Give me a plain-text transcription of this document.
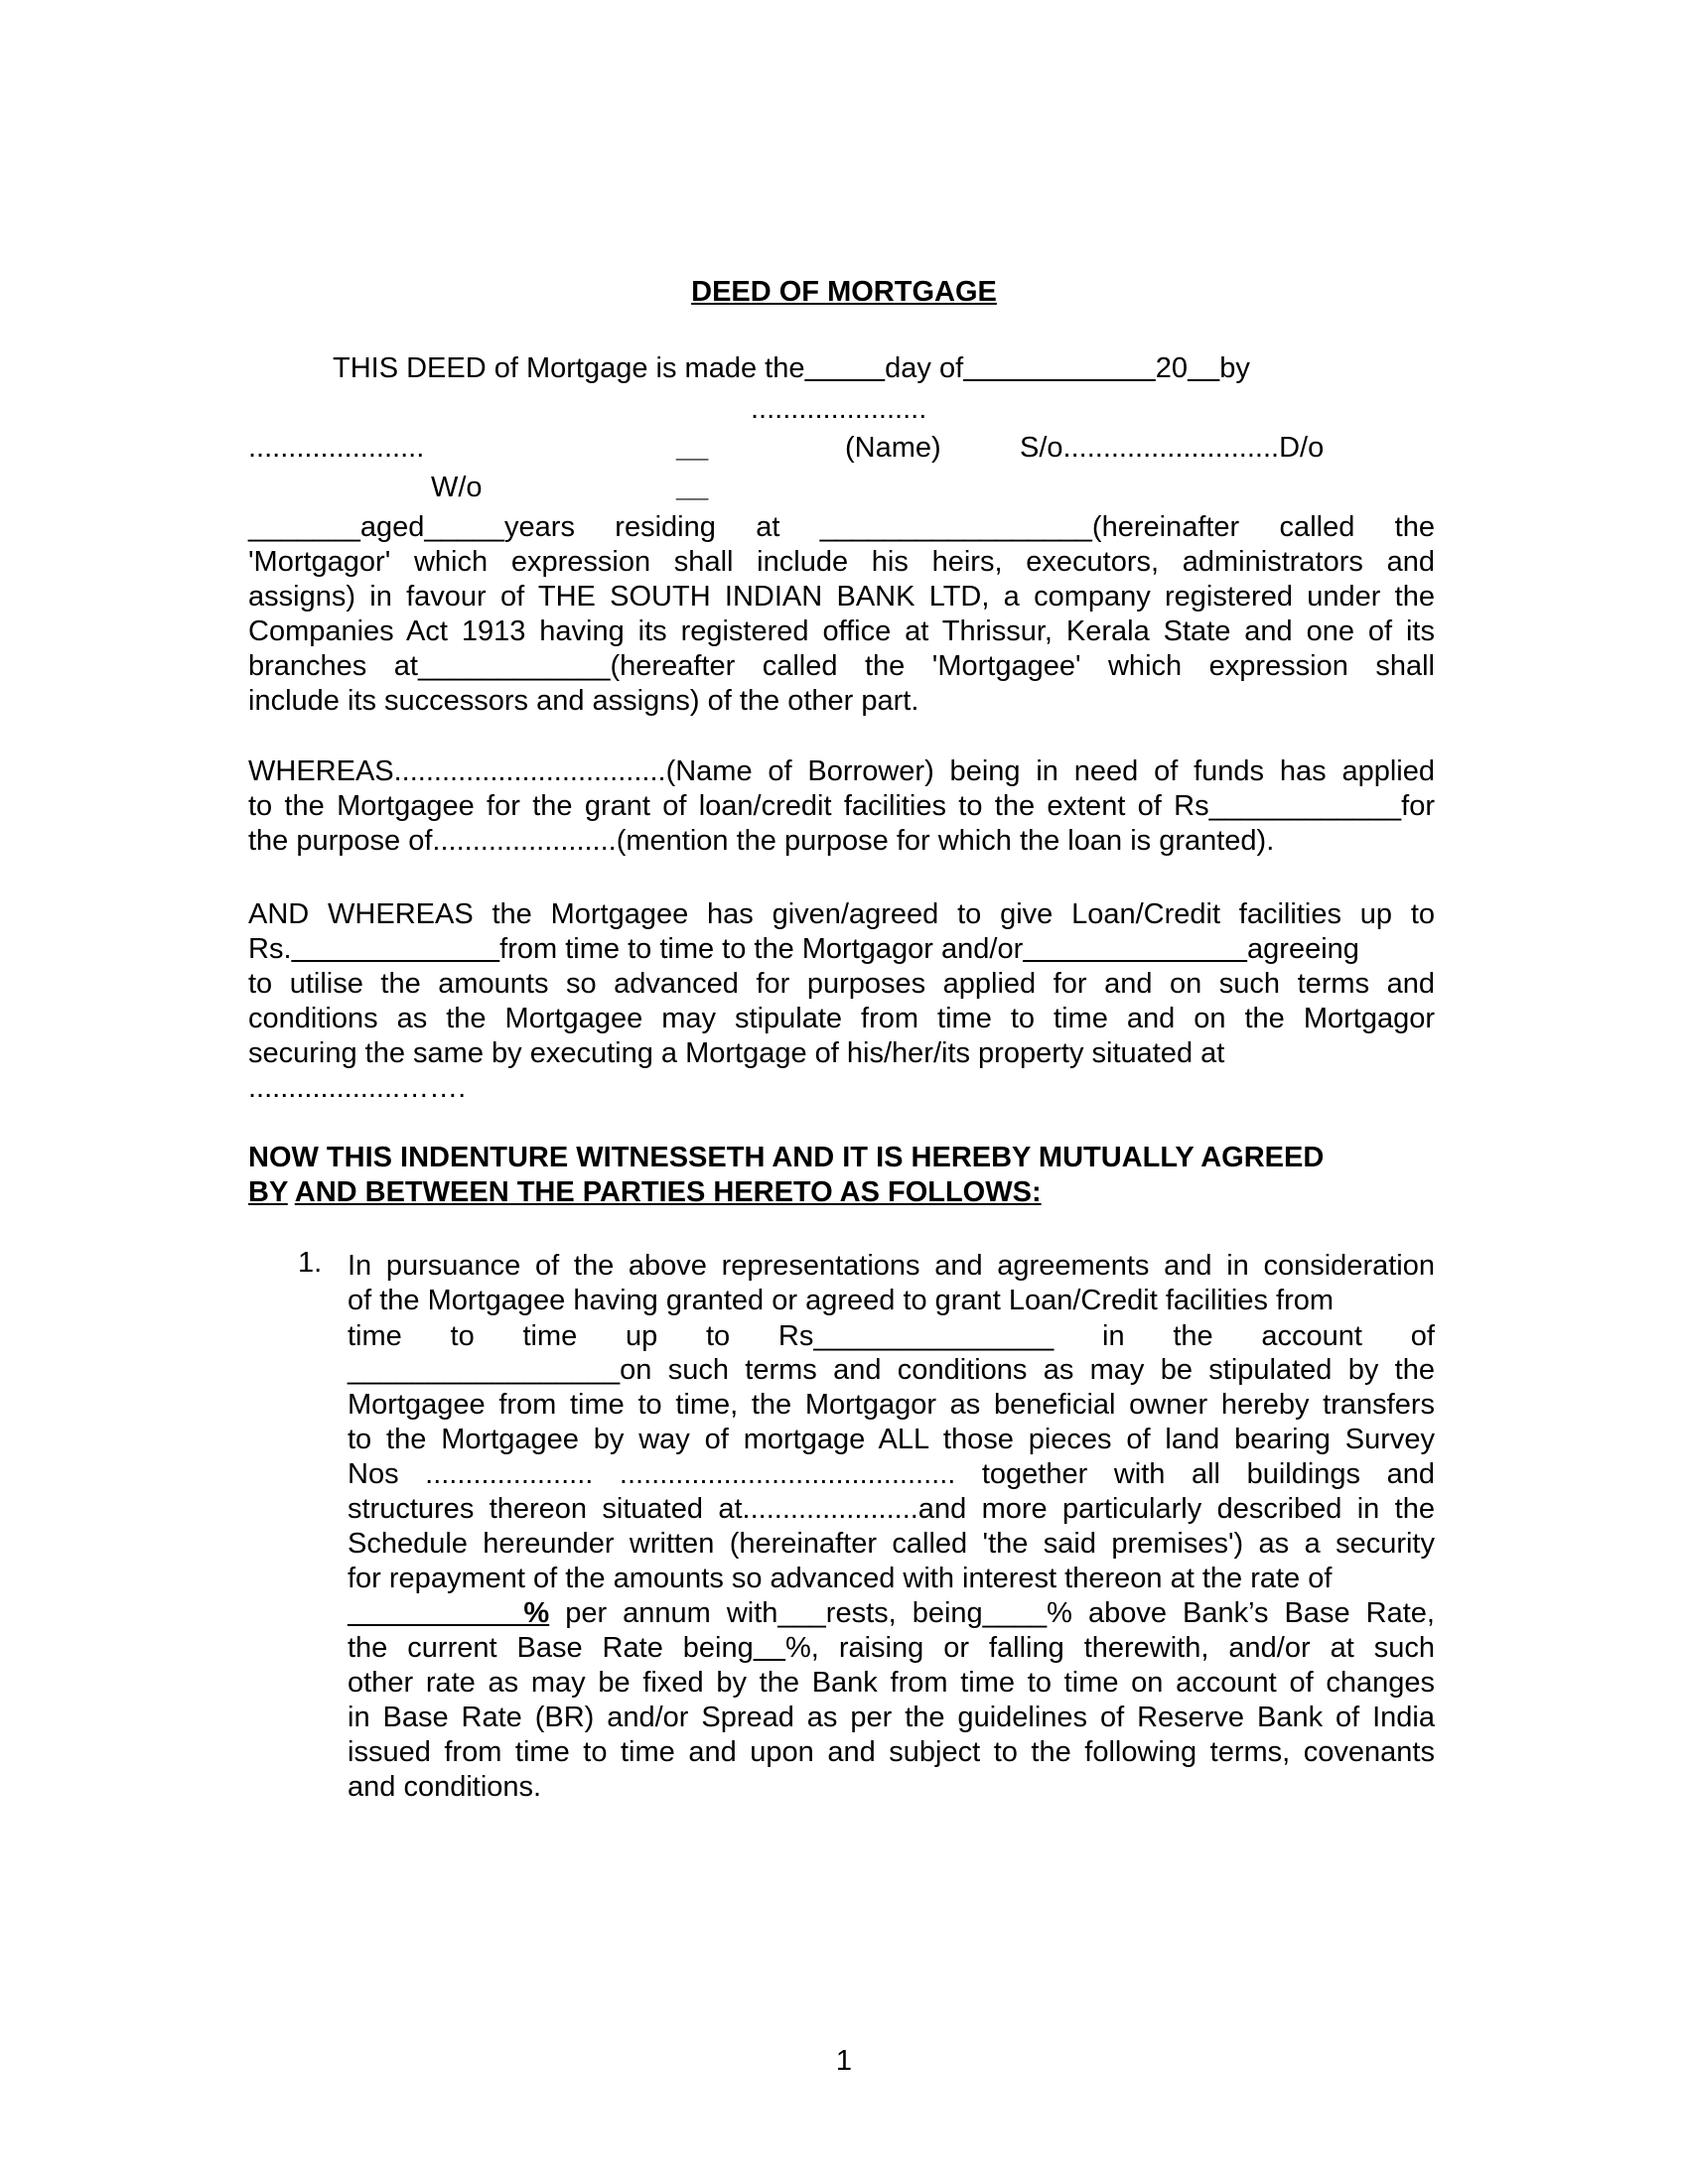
DEED OF MORTGAGE
THIS DEED of Mortgage is made the_____day of____________20__by
......................
......................	__	(Name)	S/o...........................D/o
W/o	__
_______aged_____years residing at _________________(hereinafter called the
'Mortgagor' which expression shall include his heirs, executors, administrators and
assigns) in favour of THE SOUTH INDIAN BANK LTD, a company registered under the
Companies Act 1913 having its registered office at Thrissur, Kerala State and one of its
branches at____________(hereafter called the 'Mortgagee' which expression shall
include its successors and assigns) of the other part.
WHEREAS..................................(Name of Borrower) being in need of funds has applied
to the Mortgagee for the grant of loan/credit facilities to the extent of Rs____________for
the purpose of.......................(mention the purpose for which the loan is granted).
AND WHEREAS the Mortgagee has given/agreed to give Loan/Credit facilities up to
Rs._____________from time to time to the Mortgagor and/or______________agreeing
to utilise the amounts so advanced for purposes applied for and on such terms and
conditions as the Mortgagee may stipulate from time to time and on the Mortgagor
securing the same by executing a Mortgage of his/her/its property situated at
...................…….
NOW THIS INDENTURE WITNESSETH AND IT IS HEREBY MUTUALLY AGREED
BY AND BETWEEN THE PARTIES HERETO AS FOLLOWS:
1. In pursuance of the above representations and agreements and in consideration
of the Mortgagee having granted or agreed to grant Loan/Credit facilities from
time to time up to Rs_______________ in the account of
_________________on such terms and conditions as may be stipulated by the
Mortgagee from time to time, the Mortgagor as beneficial owner hereby transfers
to the Mortgagee by way of mortgage ALL those pieces of land bearing Survey
Nos ..................... .......................................... together with all buildings and
structures thereon situated at......................and more particularly described in the
Schedule hereunder written (hereinafter called 'the said premises') as a security
for repayment of the amounts so advanced with interest thereon at the rate of
___________% per annum with___rests, being____% above Bank’s Base Rate,
the current Base Rate being__%, raising or falling therewith, and/or at such
other rate as may be fixed by the Bank from time to time on account of changes
in Base Rate (BR) and/or Spread as per the guidelines of Reserve Bank of India
issued from time to time and upon and subject to the following terms, covenants
and conditions.
1
